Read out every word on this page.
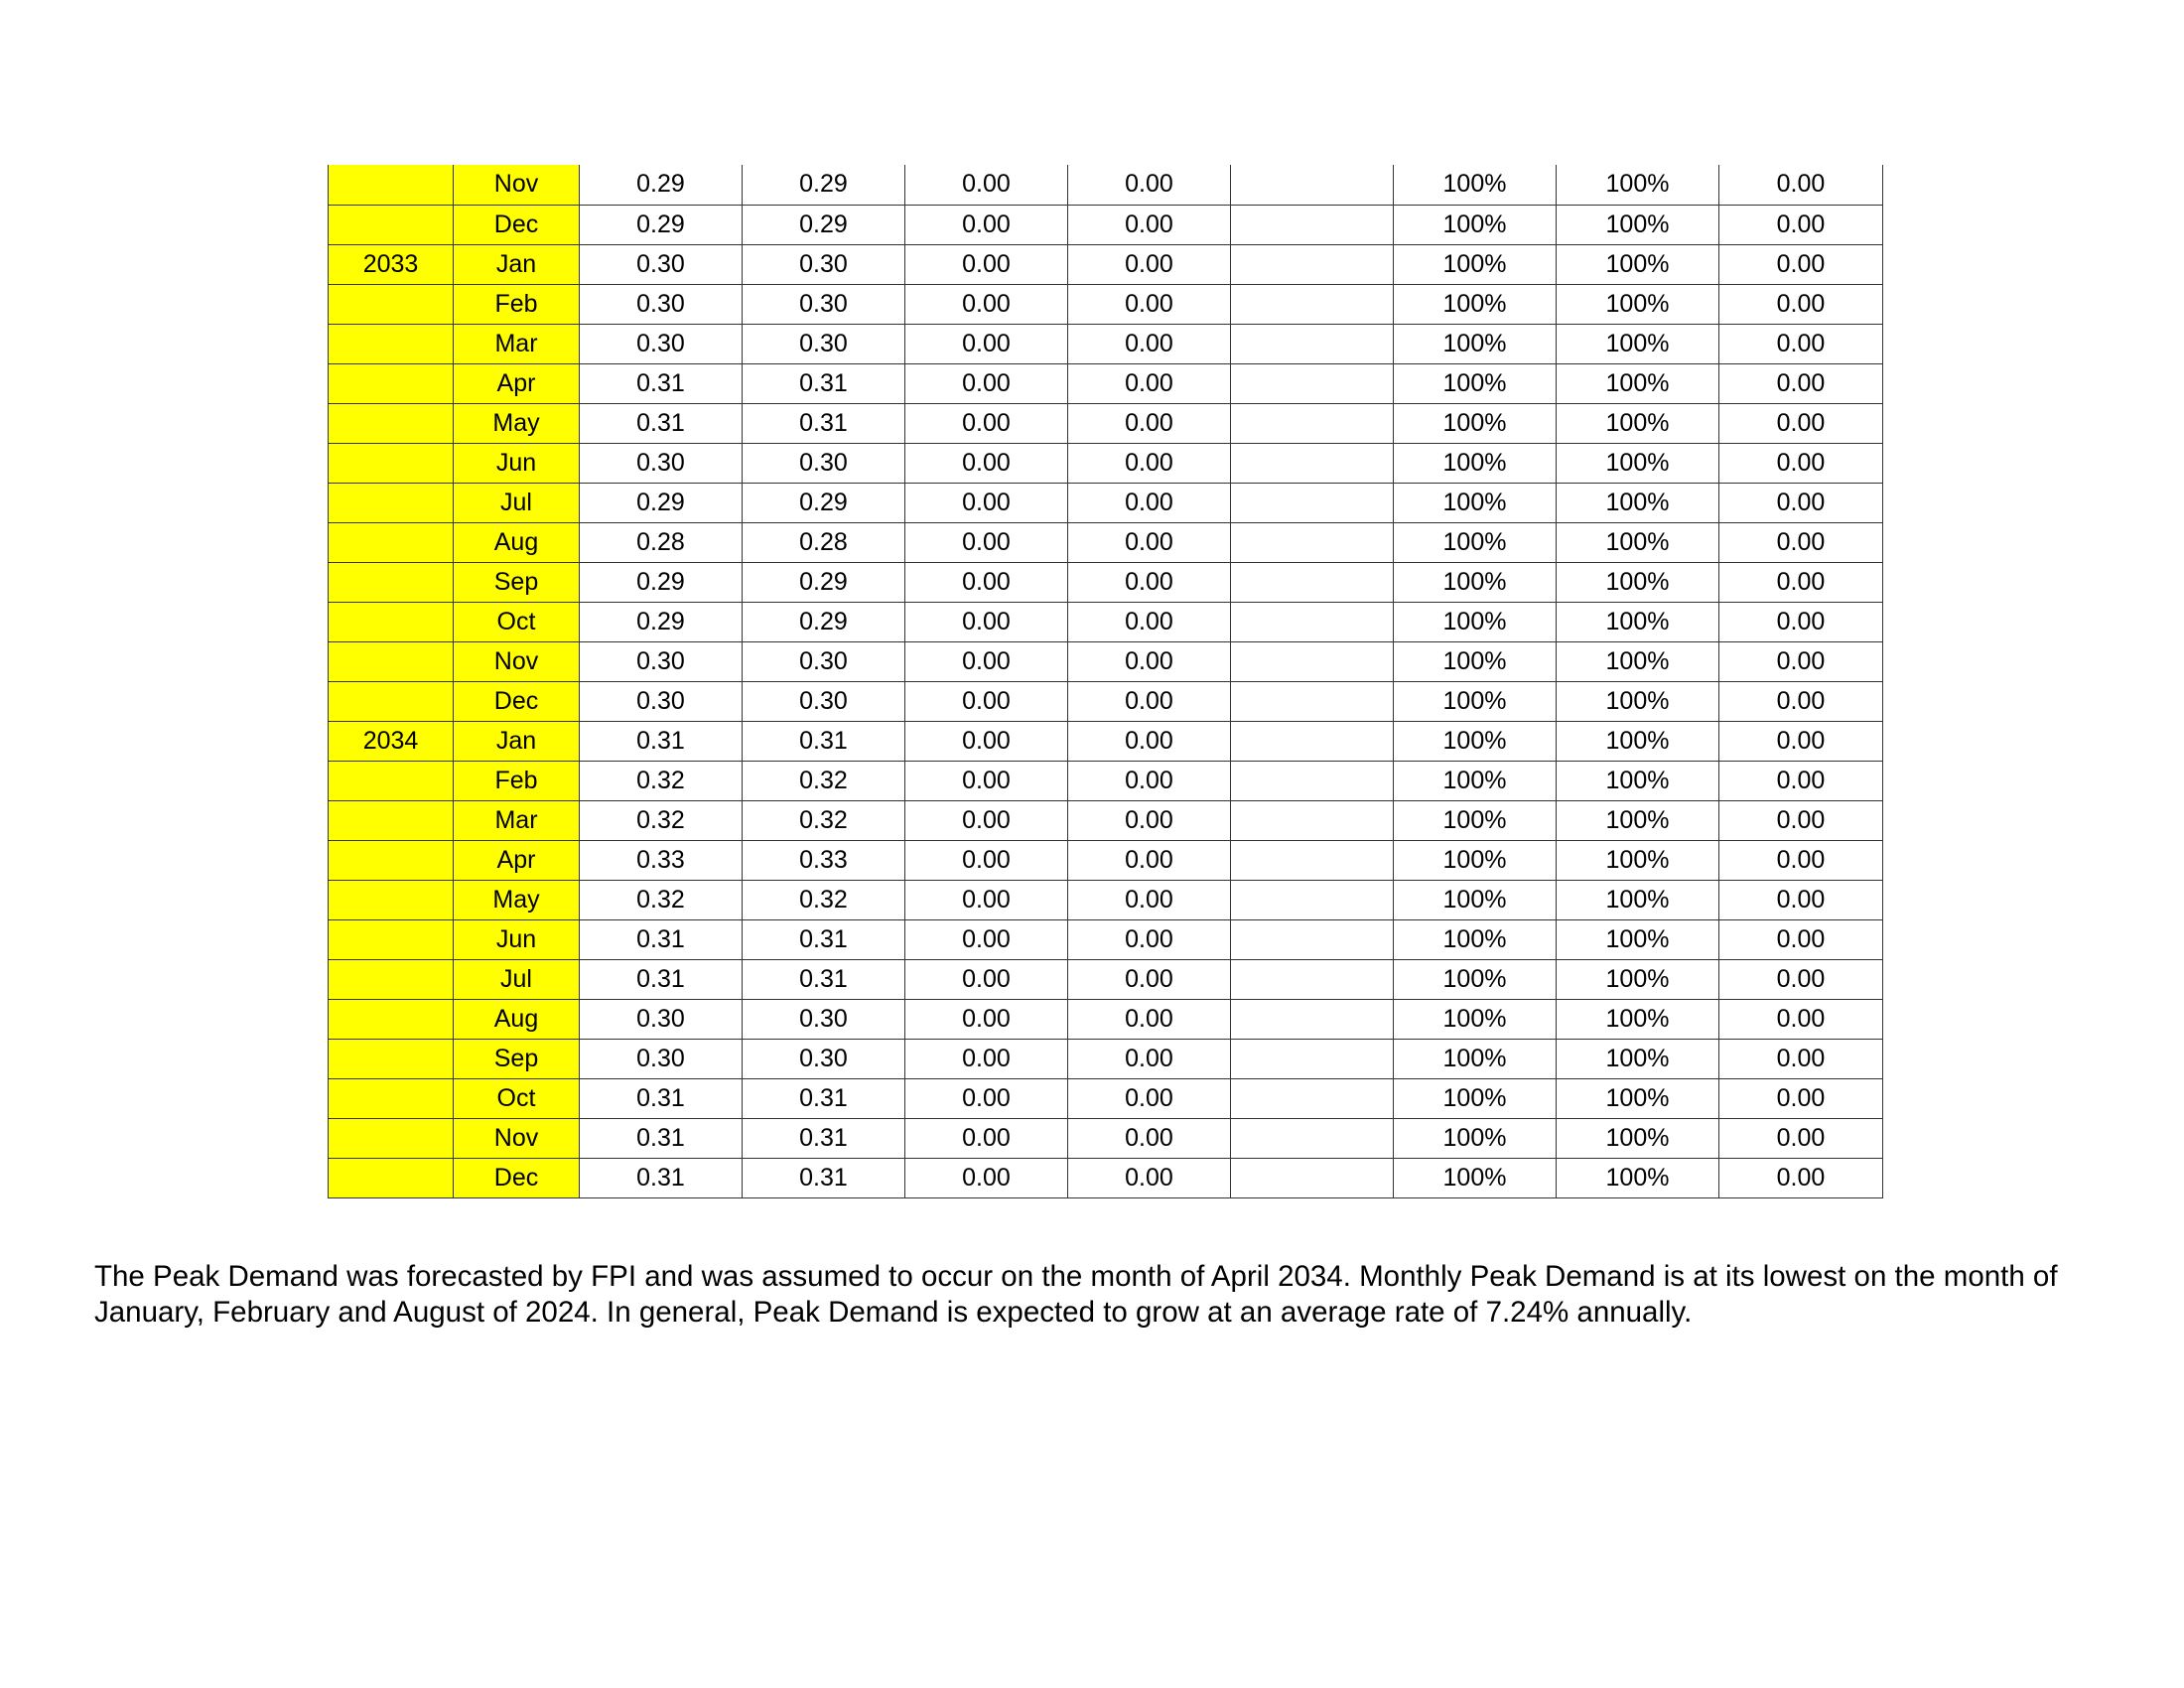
	Nov	0.29	0.29	0.00	0.00		100%	100%	0.00
	Dec	0.29	0.29	0.00	0.00		100%	100%	0.00
2033	Jan	0.30	0.30	0.00	0.00		100%	100%	0.00
	Feb	0.30	0.30	0.00	0.00		100%	100%	0.00
	Mar	0.30	0.30	0.00	0.00		100%	100%	0.00
	Apr	0.31	0.31	0.00	0.00		100%	100%	0.00
	May	0.31	0.31	0.00	0.00		100%	100%	0.00
	Jun	0.30	0.30	0.00	0.00		100%	100%	0.00
	Jul	0.29	0.29	0.00	0.00		100%	100%	0.00
	Aug	0.28	0.28	0.00	0.00		100%	100%	0.00
	Sep	0.29	0.29	0.00	0.00		100%	100%	0.00
	Oct	0.29	0.29	0.00	0.00		100%	100%	0.00
	Nov	0.30	0.30	0.00	0.00		100%	100%	0.00
	Dec	0.30	0.30	0.00	0.00		100%	100%	0.00
2034	Jan	0.31	0.31	0.00	0.00		100%	100%	0.00
	Feb	0.32	0.32	0.00	0.00		100%	100%	0.00
	Mar	0.32	0.32	0.00	0.00		100%	100%	0.00
	Apr	0.33	0.33	0.00	0.00		100%	100%	0.00
	May	0.32	0.32	0.00	0.00		100%	100%	0.00
	Jun	0.31	0.31	0.00	0.00		100%	100%	0.00
	Jul	0.31	0.31	0.00	0.00		100%	100%	0.00
	Aug	0.30	0.30	0.00	0.00		100%	100%	0.00
	Sep	0.30	0.30	0.00	0.00		100%	100%	0.00
	Oct	0.31	0.31	0.00	0.00		100%	100%	0.00
	Nov	0.31	0.31	0.00	0.00		100%	100%	0.00
	Dec	0.31	0.31	0.00	0.00		100%	100%	0.00

The Peak Demand was forecasted by FPI and was assumed to occur on the month of April 2034. Monthly Peak Demand is at its lowest on the month of January, February and August of 2024. In general, Peak Demand is expected to grow at an average rate of 7.24% annually.
